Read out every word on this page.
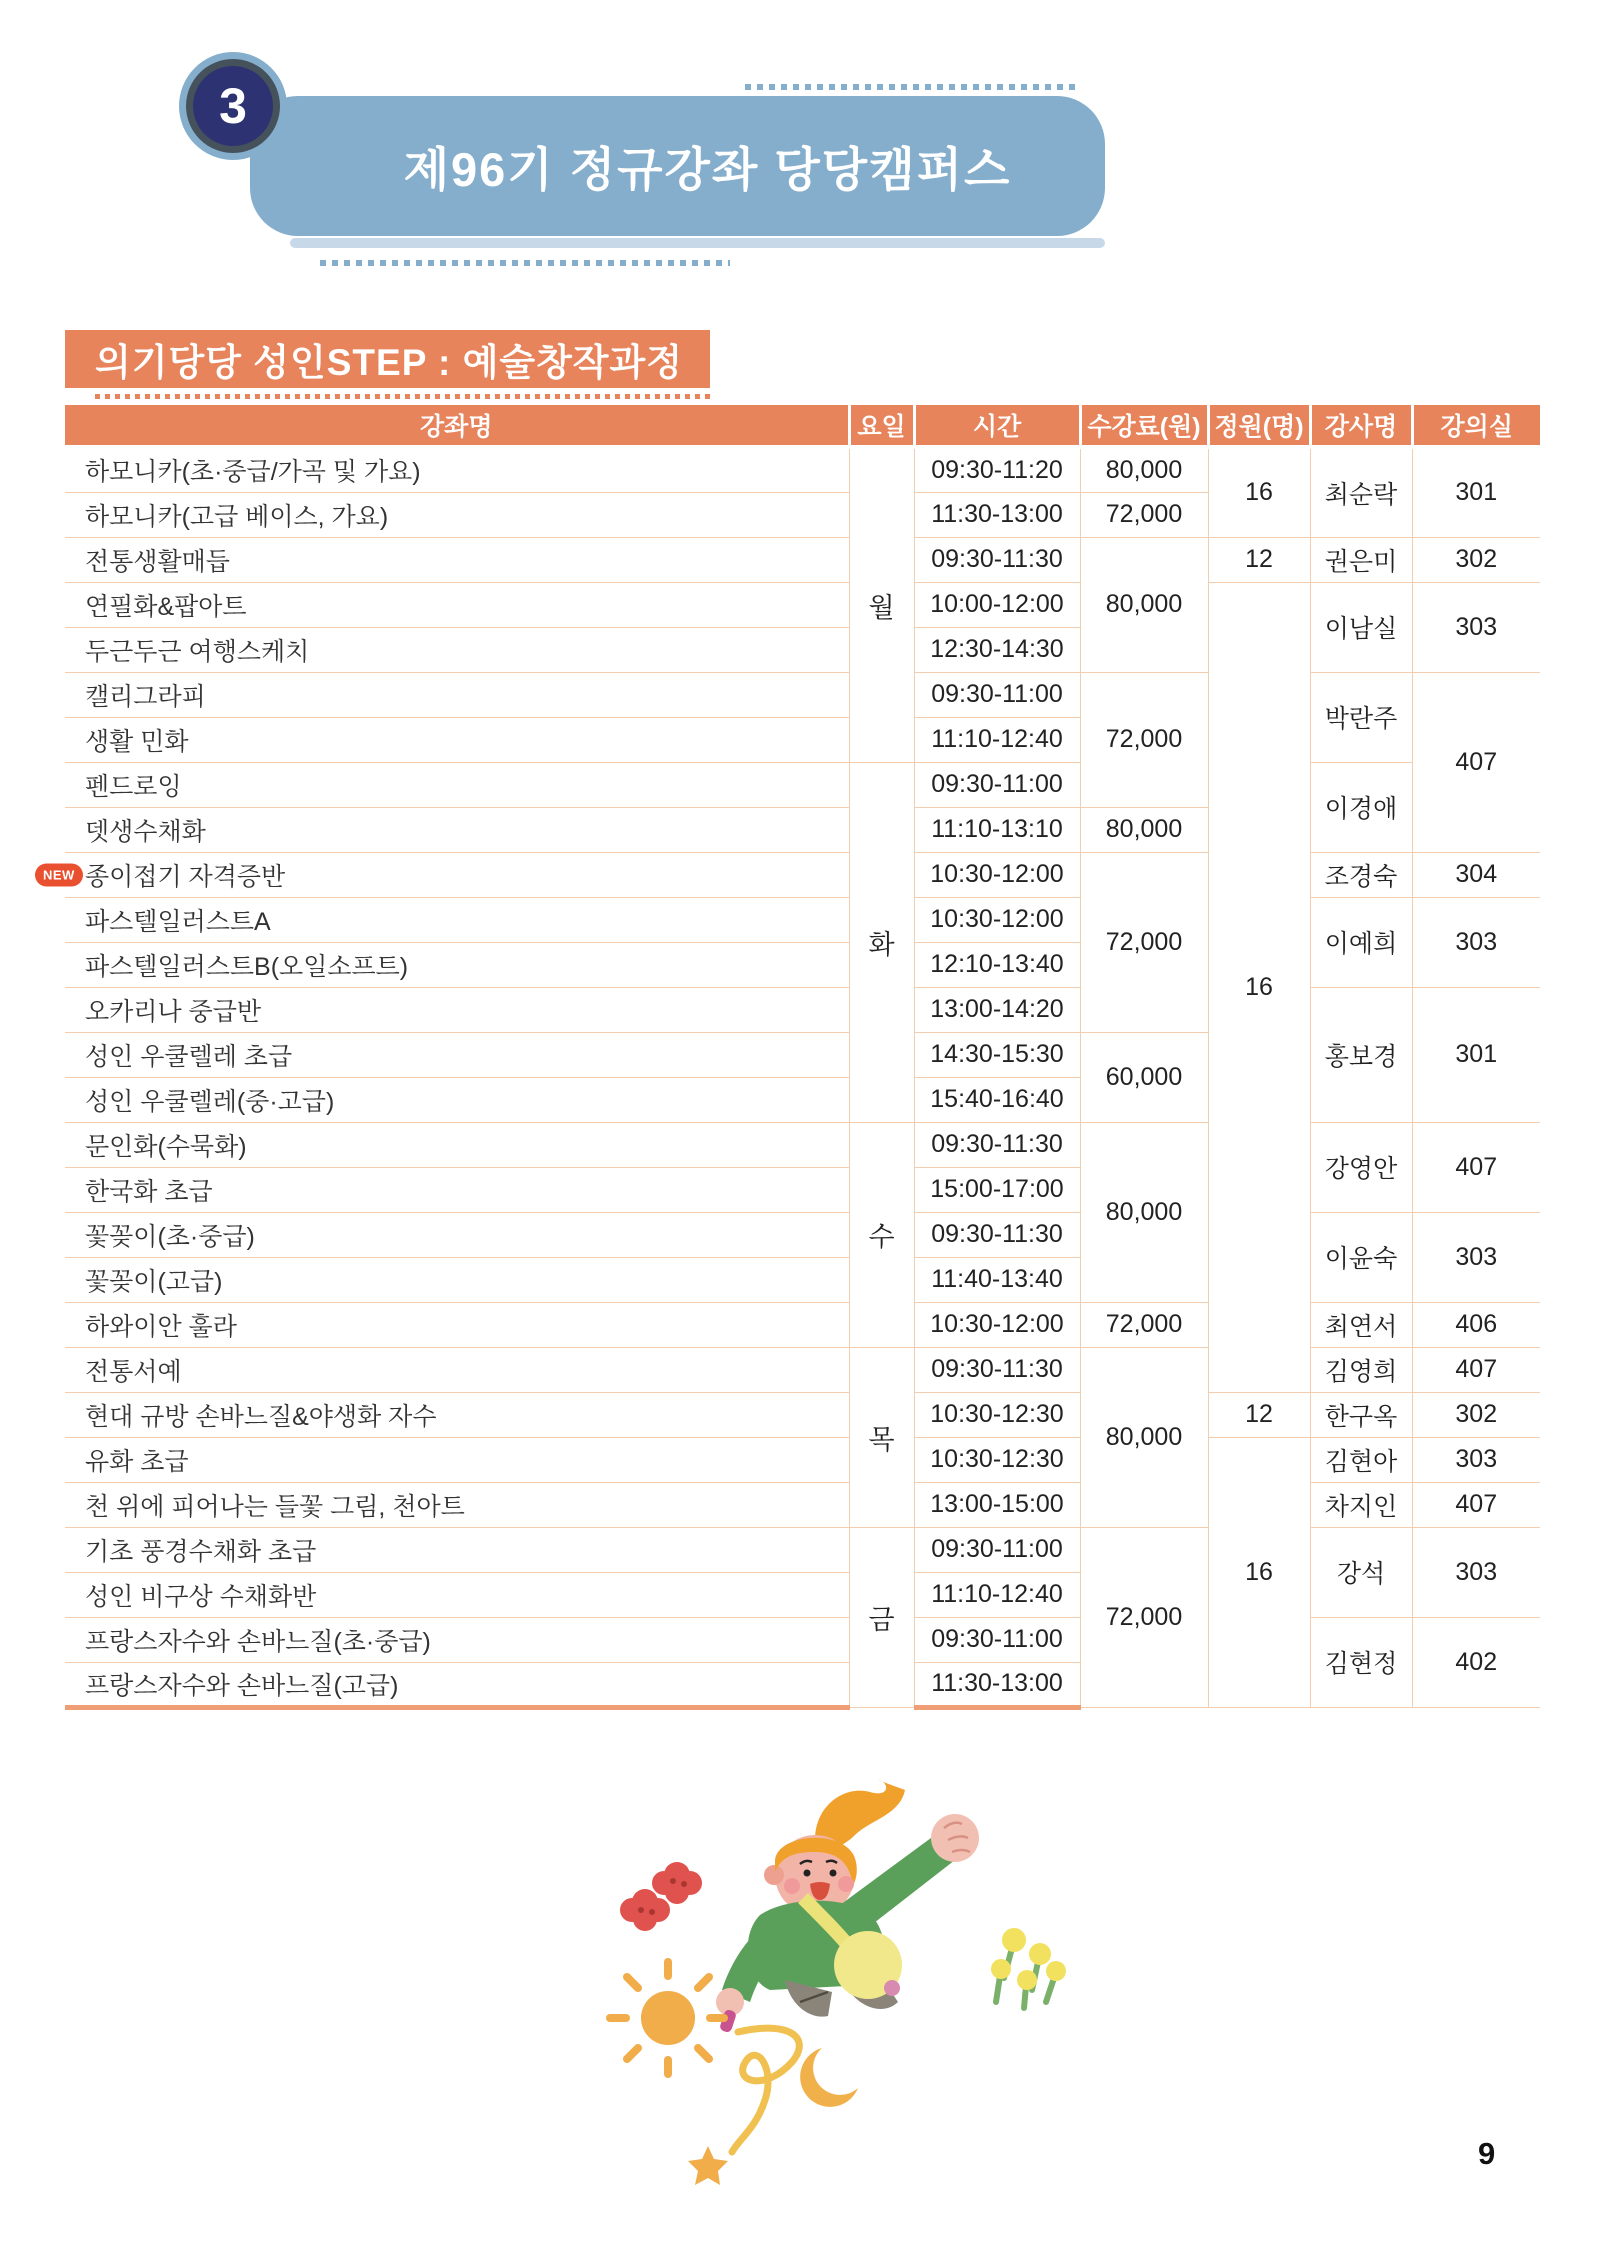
제96기 정규강좌 당당캠퍼스
3
의기당당 성인STEP : 예술창작과정
강좌명	요일	시간	수강료(원)	정원(명)	강사명	강의실
하모니카(초·중급/가곡 및 가요)	월	09:30-11:20	80,000	16	최순락	301
하모니카(고급 베이스, 가요)		11:30-13:00	72,000			
전통생활매듭		09:30-11:30	80,000	12	권은미	302
연필화&팝아트		10:00-12:00		16	이남실	303
두근두근 여행스케치		12:30-14:30				
캘리그라피		09:30-11:00	72,000		박란주	407
생활 민화		11:10-12:40				
펜드로잉	화	09:30-11:00			이경애	
뎃생수채화		11:10-13:10	80,000			

NEW 종이접기 자격증반		10:30-12:00	72,000		조경숙	304
파스텔일러스트A		10:30-12:00			이예희	303
파스텔일러스트B(오일소프트)		12:10-13:40				
오카리나 중급반		13:00-14:20			홍보경	301
성인 우쿨렐레 초급		14:30-15:30	60,000			
성인 우쿨렐레(중·고급)		15:40-16:40				
문인화(수묵화)	수	09:30-11:30	80,000		강영안	407
한국화 초급		15:00-17:00				
꽃꽂이(초·중급)		09:30-11:30			이윤숙	303
꽃꽂이(고급)		11:40-13:40				
하와이안 훌라		10:30-12:00	72,000		최연서	406
전통서예	목	09:30-11:30	80,000		김영희	407
현대 규방 손바느질&야생화 자수		10:30-12:30		12	한구옥	302
유화 초급		10:30-12:30		16	김현아	303
천 위에 피어나는 들꽃 그림, 천아트		13:00-15:00			차지인	407
기초 풍경수채화 초급	금	09:30-11:00	72,000		강석	303
성인 비구상 수채화반		11:10-12:40				
프랑스자수와 손바느질(초·중급)		09:30-11:00			김현정	402
프랑스자수와 손바느질(고급)		11:30-13:00				
9
